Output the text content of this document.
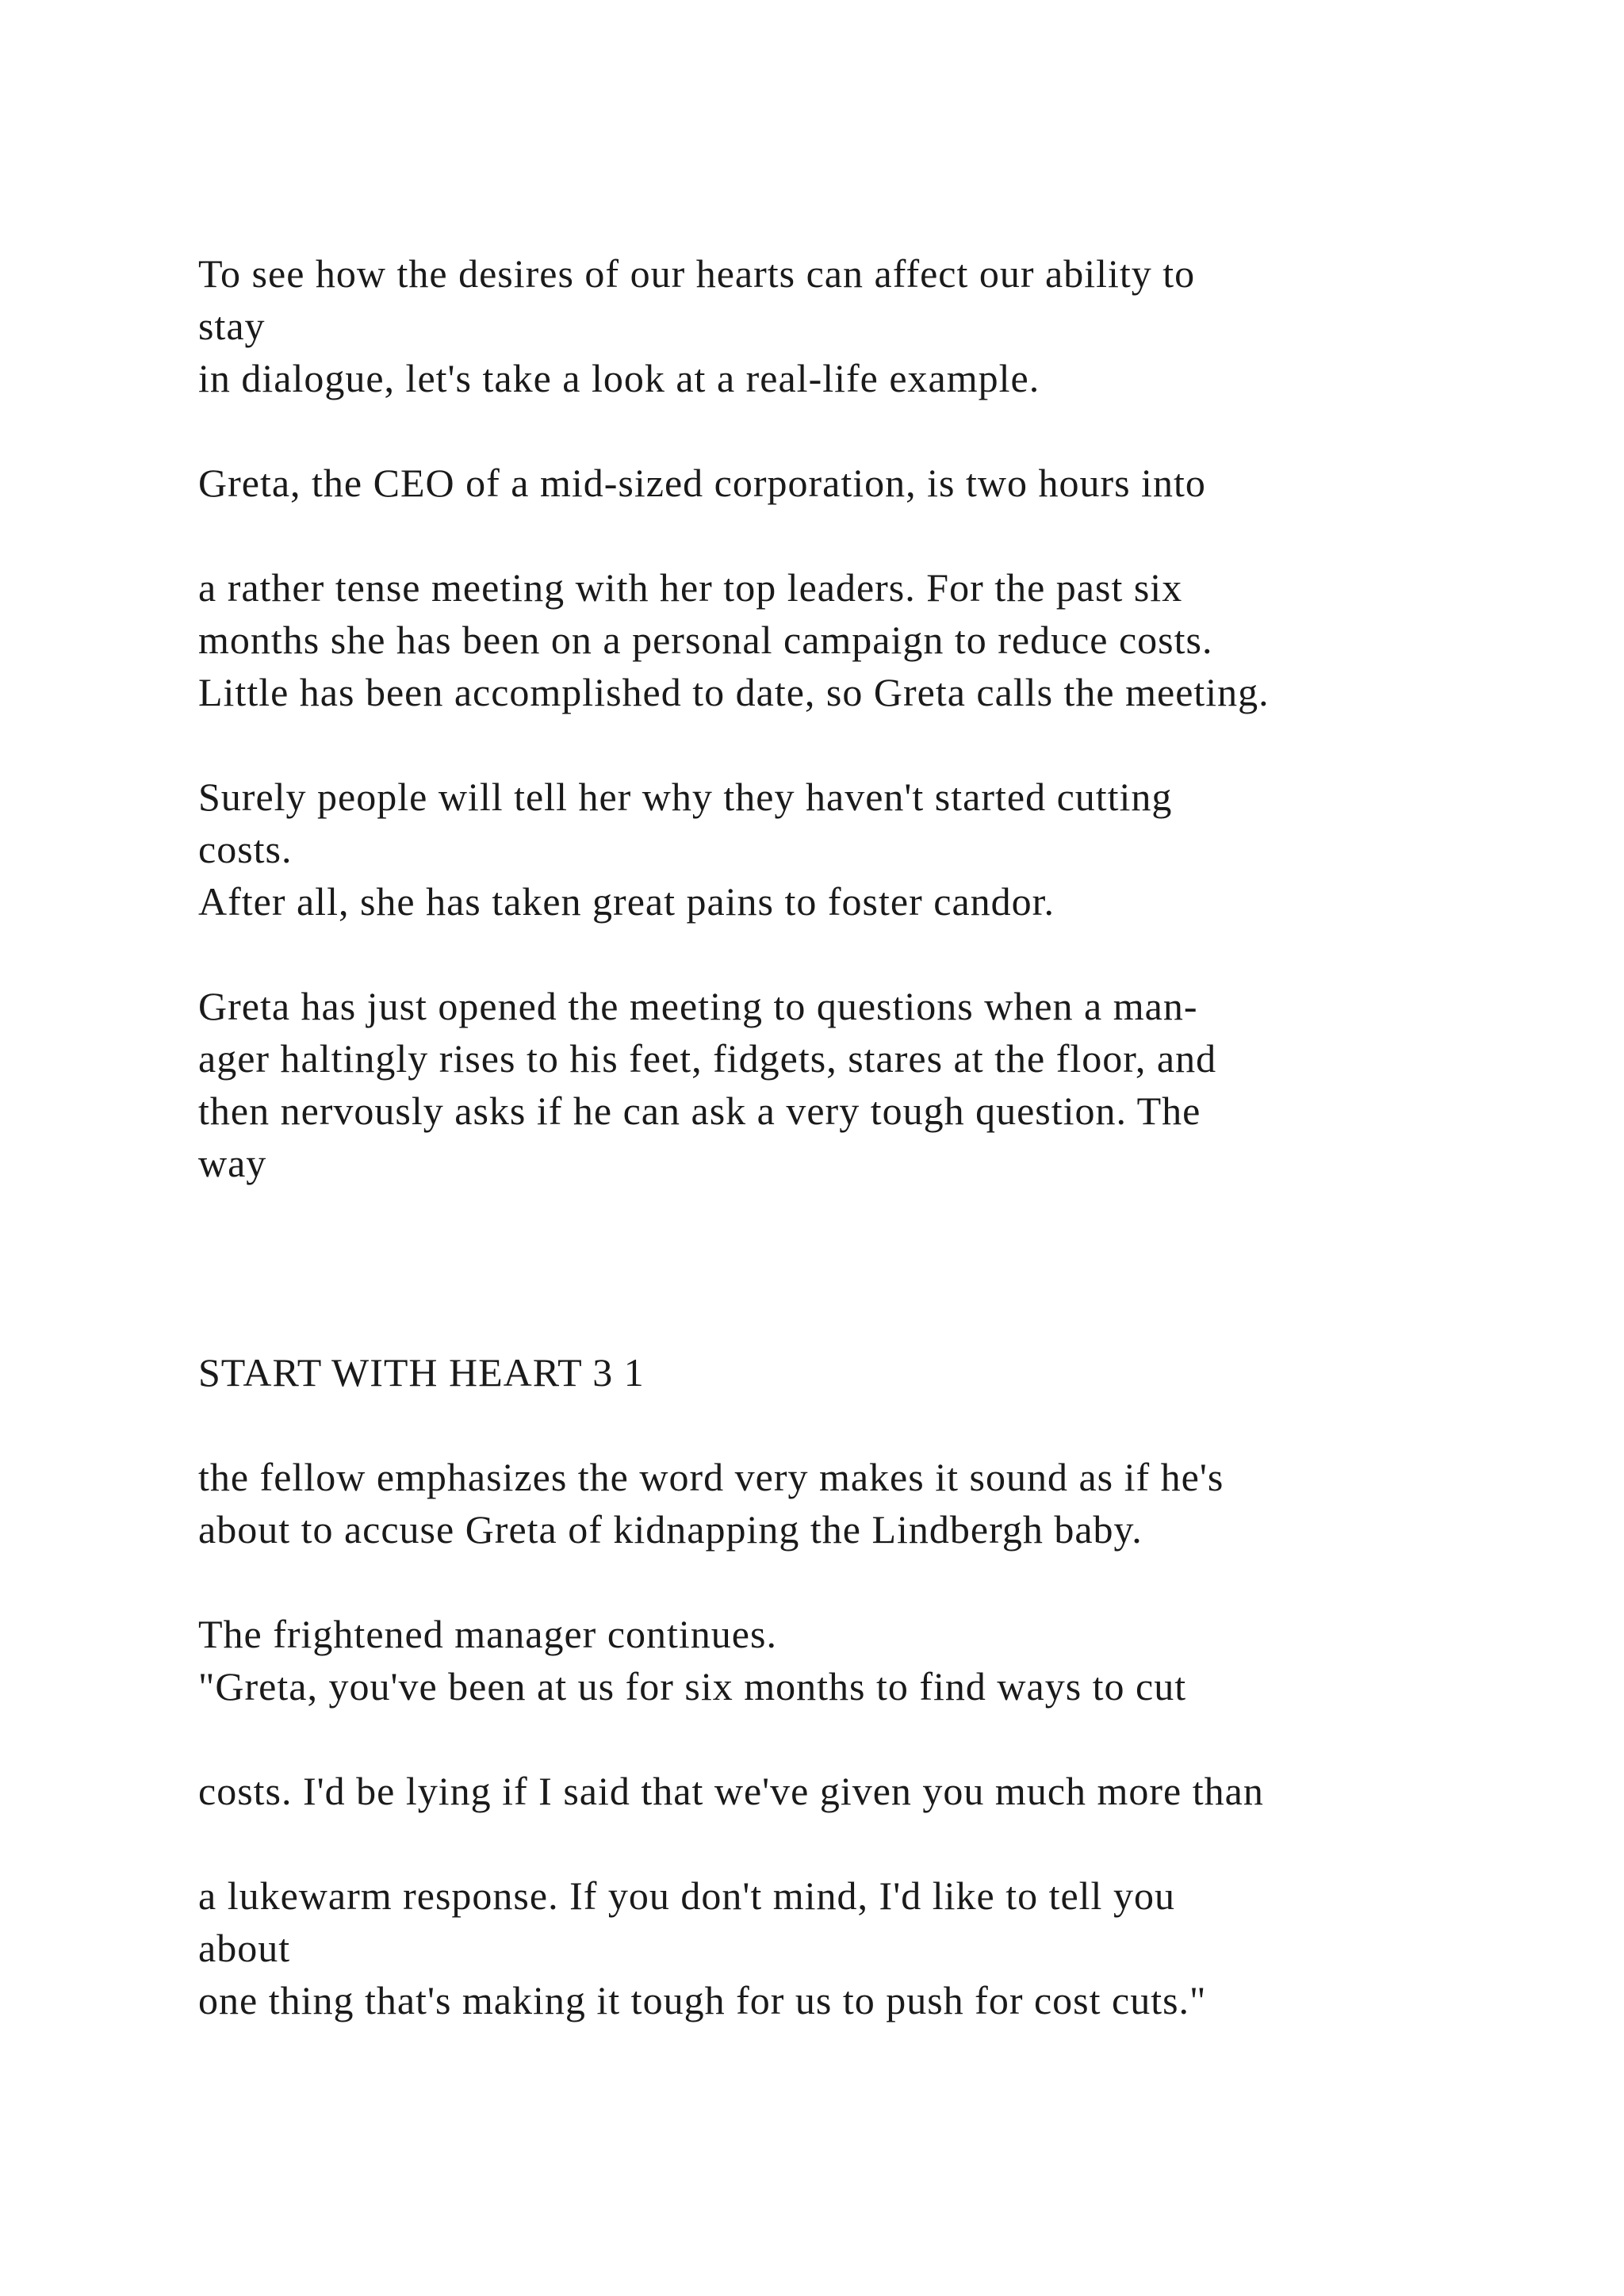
To see how the desires of our hearts can affect our ability to
stay
in dialogue, let's take a look at a real-life example.
Greta, the CEO of a mid-sized corporation, is two hours into
a rather tense meeting with her top leaders. For the past six
months she has been on a personal campaign to reduce costs.
Little has been accomplished to date, so Greta calls the meeting.
Surely people will tell her why they haven't started cutting
costs.
After all, she has taken great pains to foster candor.
Greta has just opened the meeting to questions when a man-
ager haltingly rises to his feet, fidgets, stares at the floor, and
then nervously asks if he can ask a very tough question. The
way
START WITH HEART 3 1
the fellow emphasizes the word very makes it sound as if he's
about to accuse Greta of kidnapping the Lindbergh baby.
The frightened manager continues.
"Greta, you've been at us for six months to find ways to cut
costs. I'd be lying if I said that we've given you much more than
a lukewarm response. If you don't mind, I'd like to tell you
about
one thing that's making it tough for us to push for cost cuts."
